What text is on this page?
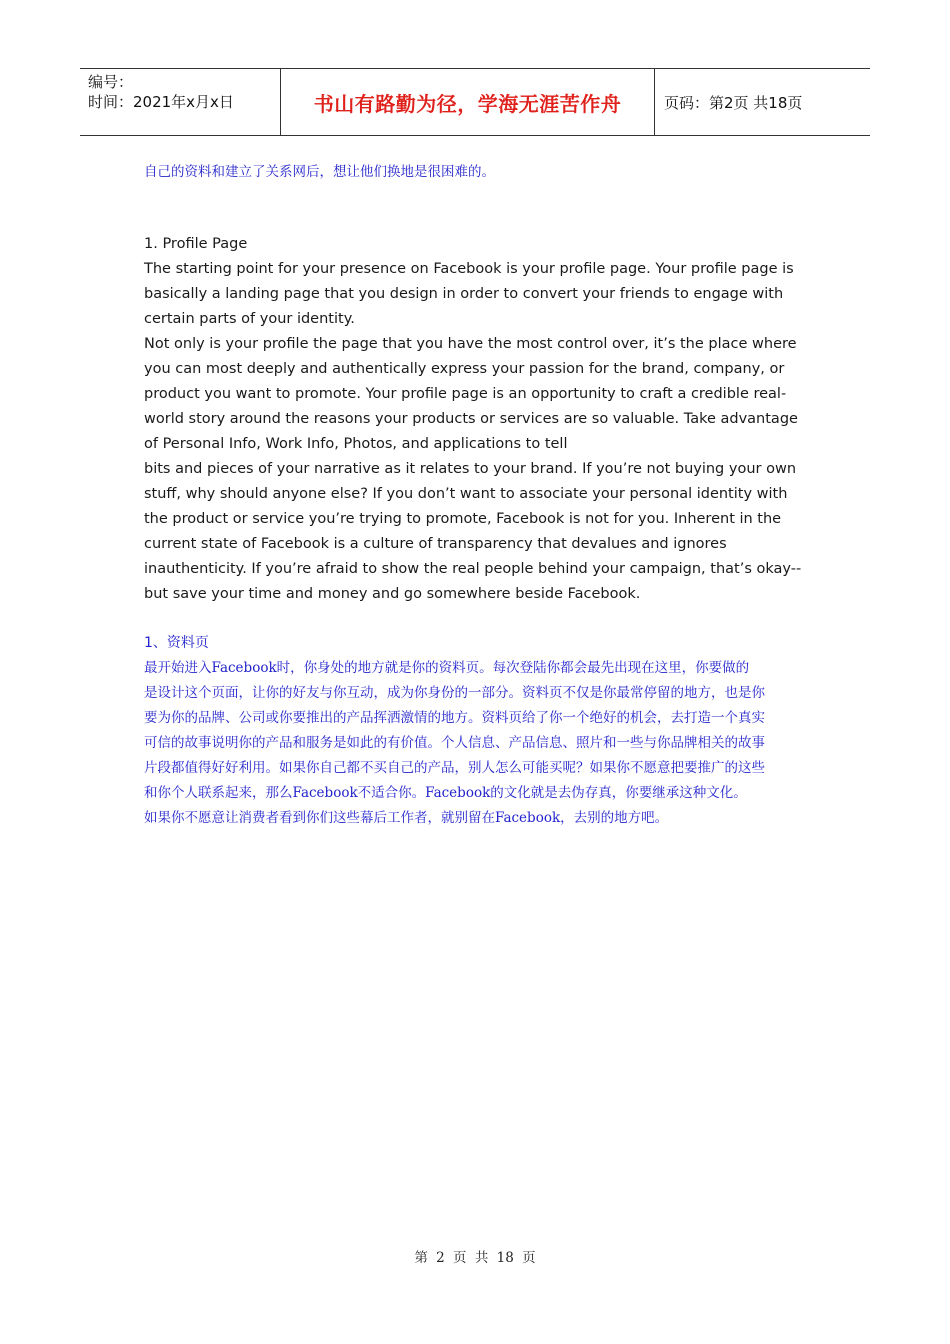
编号：
时间：2021年x月x日	书山有路勤为径，学海无涯苦作舟	页码：第2页 共18页
自己的资料和建立了关系网后，想让他们换地是很困难的。

1. Profile Page

The starting point for your presence on Facebook is your profile page. Your profile page is

basically a landing page that you design in order to convert your friends to engage with

certain parts of your identity.

Not only is your profile the page that you have the most control over, it’s the place where

you can most deeply and authentically express your passion for the brand, company, or

product you want to promote. Your profile page is an opportunity to craft a credible real-

world story around the reasons your products or services are so valuable. Take advantage

of Personal Info, Work Info, Photos, and applications to tell

bits and pieces of your narrative as it relates to your brand. If you’re not buying your own

stuff, why should anyone else? If you don’t want to associate your personal identity with

the product or service you’re trying to promote, Facebook is not for you. Inherent in the

current state of Facebook is a culture of transparency that devalues and ignores

inauthenticity. If you’re afraid to show the real people behind your campaign, that’s okay--

but save your time and money and go somewhere beside Facebook.

1、资料页

最开始进入Facebook时，你身处的地方就是你的资料页。每次登陆你都会最先出现在这里，你要做的

是设计这个页面，让你的好友与你互动，成为你身份的一部分。资料页不仅是你最常停留的地方，也是你

要为你的品牌、公司或你要推出的产品挥洒激情的地方。资料页给了你一个绝好的机会，去打造一个真实

可信的故事说明你的产品和服务是如此的有价值。个人信息、产品信息、照片和一些与你品牌相关的故事

片段都值得好好利用。如果你自己都不买自己的产品，别人怎么可能买呢？如果你不愿意把要推广的这些

和你个人联系起来，那么Facebook不适合你。Facebook的文化就是去伪存真，你要继承这种文化。

如果你不愿意让消费者看到你们这些幕后工作者，就别留在Facebook，去别的地方吧。

第 2 页 共 18 页
